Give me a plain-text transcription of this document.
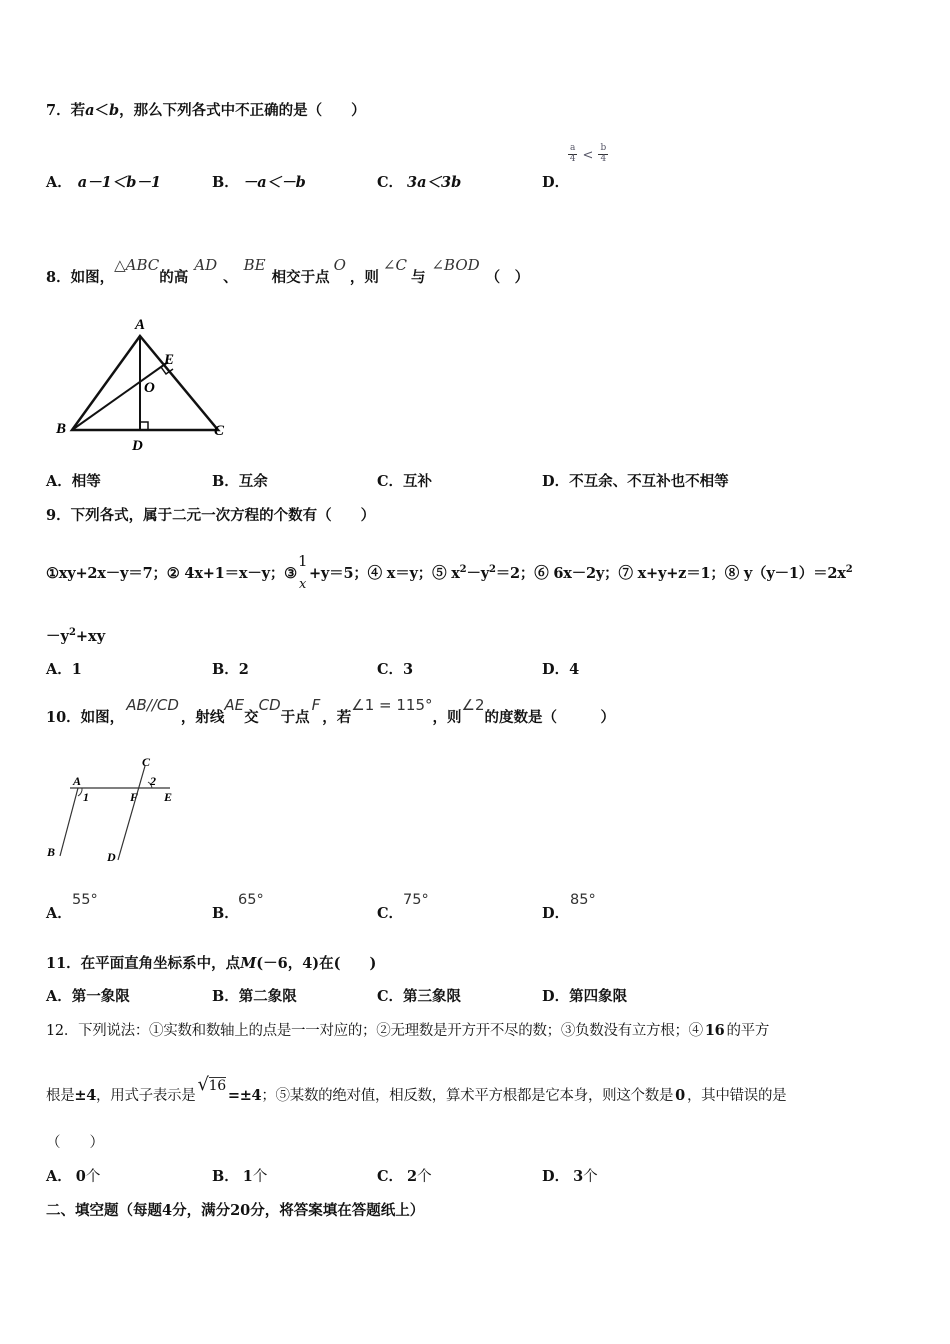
7．若a＜b，那么下列各式中不正确的是（　　）
A． a－1＜b－1	B． －a＜－b	C． 3a＜3b	D．
$\frac{a}{4} < \frac{b}{4}$
8．如图，△ABC的高AD、BE相交于点O，则∠C与∠BOD（　）
A
E
O
B
D
C
A．相等	B．互余	C．互补	D．不互余、不互补也不相等
9．下列各式，属于二元一次方程的个数有（　　）
①xy+2x－y＝7；② 4x+1＝x－y；③
1
x
+y＝5；④ x＝y；⑤ $x^2-y^2=2$；⑥ 6x－2y；⑦ x+y+z＝1；⑧ $y(y-1)=2x^2$
$-y^2+xy$
A．1	B．2	C．3	D．4
10．如图，AB//CD，射线AE交CD于点F，若∠1 = 115°，则∠2的度数是（　　　）
C
A	2
1	F E
B	D
A．
55°
B．
65°
C．
75°
D．
85°
11．在平面直角坐标系中，点M(－6，4)在(　　)
A．第一象限	B．第二象限	C．第三象限	D．第四象限
12．下列说法：①实数和数轴上的点是一一对应的；②无理数是开方开不尽的数；③负数没有立方根；④ 16 的平方
根是±4，用式子表示是√16=±4；⑤某数的绝对值，相反数，算术平方根都是它本身，则这个数是 0 ，其中错误的是
（　　）
A． 0个	B． 1个	C． 2个	D． 3个
二、填空题（每题4分，满分20分，将答案填在答题纸上）
